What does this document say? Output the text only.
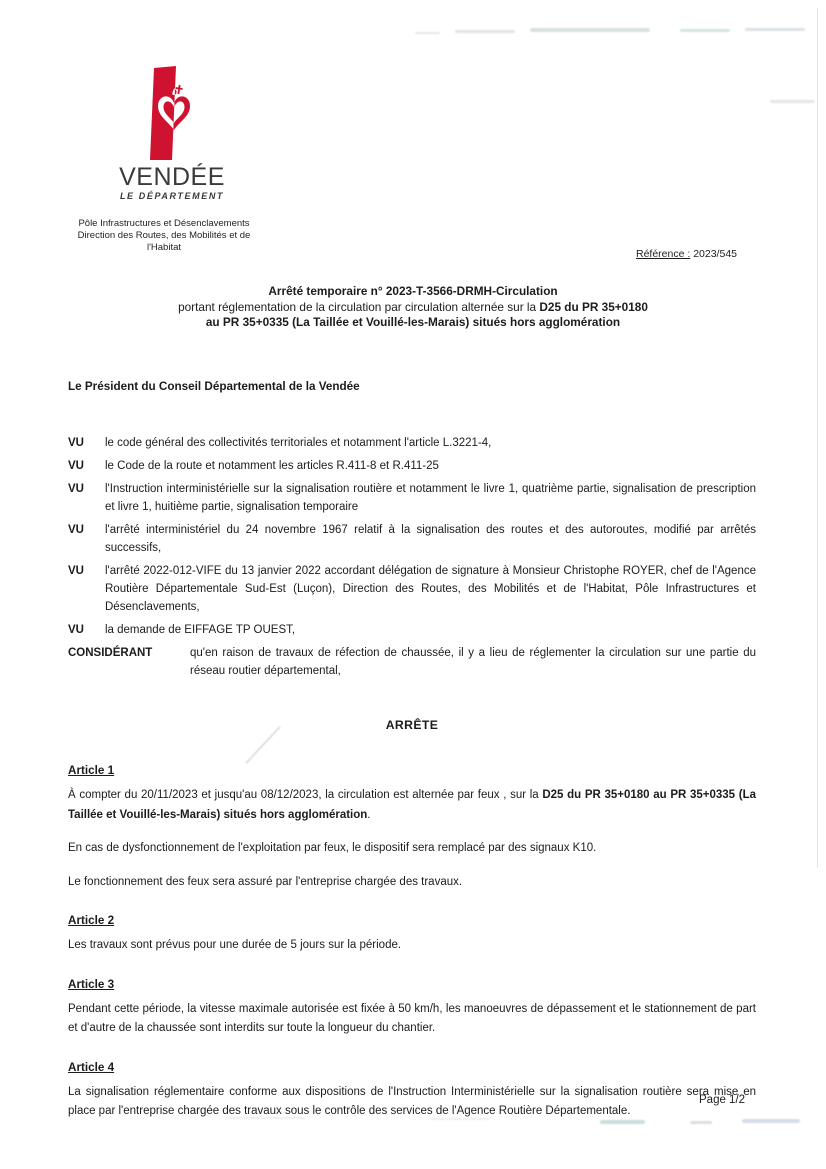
VENDÉE
LE DÉPARTEMENT
Pôle Infrastructures et Désenclavements
Direction des Routes, des Mobilités et de
l'Habitat
Référence : 2023/545
Arrêté temporaire n° 2023-T-3566-DRMH-Circulation
portant réglementation de la circulation par circulation alternée sur la D25 du PR 35+0180
au PR 35+0335 (La Taillée et Vouillé-les-Marais) situés hors agglomération
Le Président du Conseil Départemental de la Vendée
VU	le code général des collectivités territoriales et notamment l'article L.3221-4,
VU	le Code de la route et notamment les articles R.411-8 et R.411-25
VU	l'Instruction interministérielle sur la signalisation routière et notamment le livre 1, quatrième partie, signalisation de prescription et livre 1, huitième partie, signalisation temporaire
VU	l'arrêté interministériel du 24 novembre 1967 relatif à la signalisation des routes et des autoroutes, modifié par arrêtés successifs,
VU	l'arrêté 2022-012-VIFE du 13 janvier 2022 accordant délégation de signature à Monsieur Christophe ROYER, chef de l'Agence Routière Départementale Sud-Est (Luçon), Direction des Routes, des Mobilités et de l'Habitat, Pôle Infrastructures et Désenclavements,
VU	la demande de EIFFAGE TP OUEST,
CONSIDÉRANT	qu'en raison de travaux de réfection de chaussée, il y a lieu de réglementer la circulation sur une partie du réseau routier départemental,
ARRÊTE
Article 1

À compter du 20/11/2023 et jusqu'au 08/12/2023, la circulation est alternée par feux , sur la D25 du PR 35+0180 au PR 35+0335 (La Taillée et Vouillé-les-Marais) situés hors agglomération.

En cas de dysfonctionnement de l'exploitation par feux, le dispositif sera remplacé par des signaux K10.

Le fonctionnement des feux sera assuré par l'entreprise chargée des travaux.

Article 2

Les travaux sont prévus pour une durée de 5 jours sur la période.

Article 3

Pendant cette période, la vitesse maximale autorisée est fixée à 50 km/h, les manoeuvres de dépassement et le stationnement de part et d'autre de la chaussée sont interdits sur toute la longueur du chantier.

Article 4

La signalisation réglementaire conforme aux dispositions de l'Instruction Interministérielle sur la signalisation routière sera mise en place par l'entreprise chargée des travaux sous le contrôle des services de l'Agence Routière Départementale.

Page 1/2
